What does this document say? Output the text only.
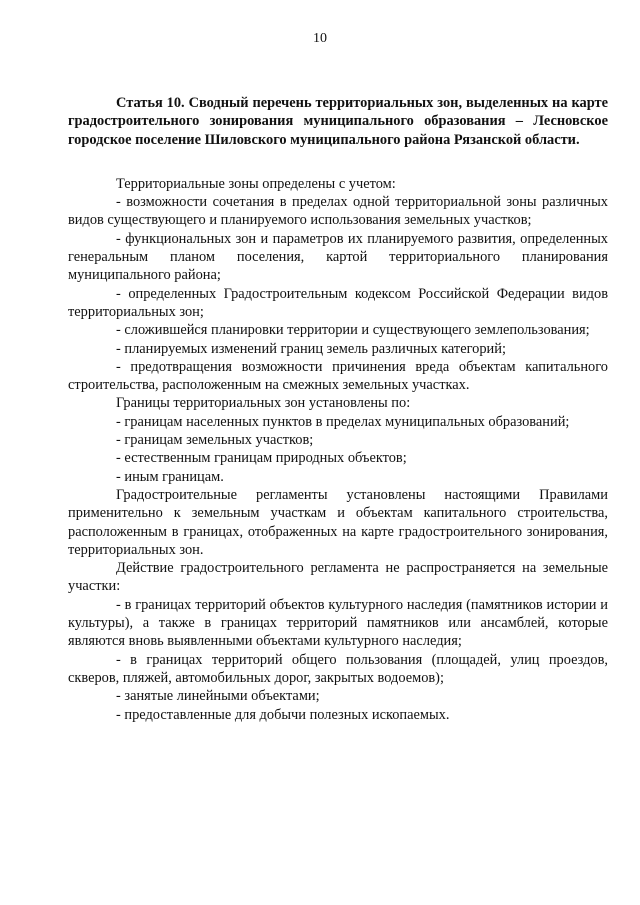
10

Статья 10. Сводный перечень территориальных зон, выделенных на карте градостроительного зонирования муниципального образования – Лесновское городское поселение Шиловского муниципального района Рязанской области.

Территориальные зоны определены с учетом:

- возможности сочетания в пределах одной территориальной зоны различных видов существующего и планируемого использования земельных участков;

- функциональных зон и параметров их планируемого развития, определенных генеральным планом поселения, картой территориального планирования муниципального района;

- определенных Градостроительным кодексом Российской Федерации видов территориальных зон;

- сложившейся планировки территории и существующего землепользования;

- планируемых изменений границ земель различных категорий;

- предотвращения возможности причинения вреда объектам капитального строительства, расположенным на смежных земельных участках.

Границы территориальных зон установлены по:

- границам населенных пунктов в пределах муниципальных образований;

- границам земельных участков;

- естественным границам природных объектов;

- иным границам.

Градостроительные регламенты установлены настоящими Правилами применительно к земельным участкам и объектам капитального строительства, расположенным в границах, отображенных на карте градостроительного зонирования, территориальных зон.

Действие градостроительного регламента не распространяется на земельные участки:

- в границах территорий объектов культурного наследия (памятников истории и культуры), а также в границах территорий памятников или ансамблей, которые являются вновь выявленными объектами культурного наследия;

- в границах территорий общего пользования (площадей, улиц проездов, скверов, пляжей, автомобильных дорог, закрытых водоемов);

- занятые линейными объектами;

- предоставленные для добычи полезных ископаемых.
